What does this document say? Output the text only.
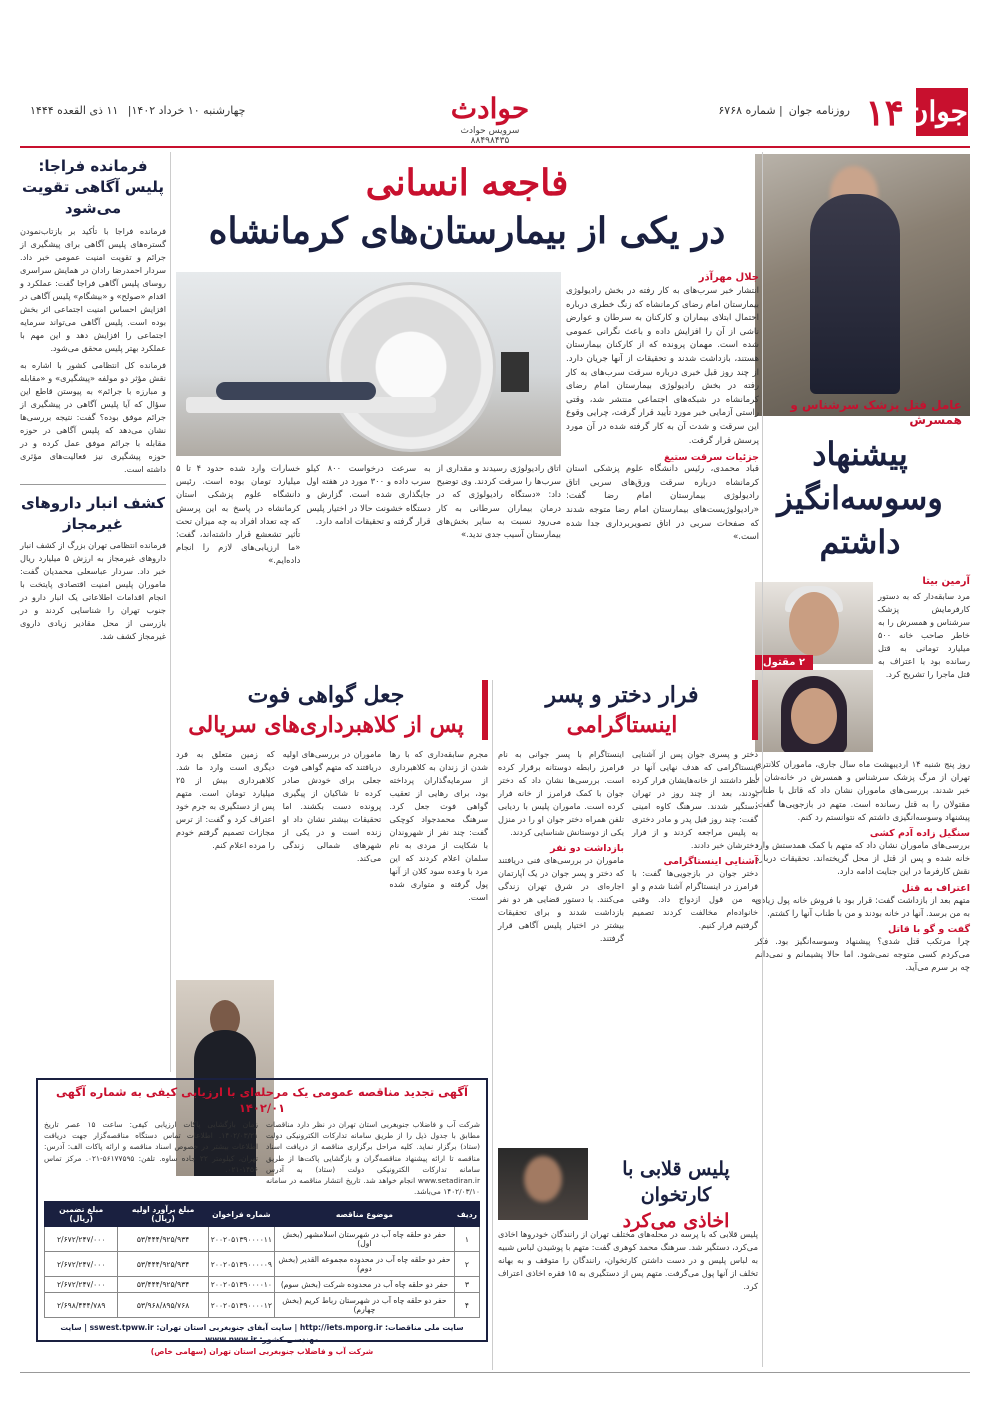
جوان
۱۴
روزنامه جوان| شماره ۶۷۶۸
حوادث
سرویس حوادث ۸۸۴۹۸۴۳۵
چهارشنبه ۱۰ خرداد ۱۴۰۲| ۱۱ ذی القعده ۱۴۴۴
عامل قتل پزشک سرشناس و همسرش
پیشنهاد وسوسه‌انگیز داشتم
۲ مقتول
آرمین بیتا
مرد سابقه‌دار که به دستور کارفرمایش پزشک سرشناس و همسرش را به خاطر صاحب خانه ۵۰۰ میلیارد تومانی به قتل رسانده بود با اعتراف به قتل ماجرا را تشریح کرد.
روز پنج شنبه ۱۴ اردیبهشت ماه سال جاری، ماموران کلانتری تهران از مرگ پزشک سرشناس و همسرش در خانه‌شان با خبر شدند. بررسی‌های ماموران نشان داد که قاتل با طناب مقتولان را به قتل رسانده است. متهم در بازجویی‌ها گفت: پیشنهاد وسوسه‌انگیزی داشتم که نتوانستم رد کنم.
سنگیل زاده آدم کشی
بررسی‌های ماموران نشان داد که متهم با کمک همدستش وارد خانه شده و پس از قتل از محل گریخته‌اند. تحقیقات درباره نقش کارفرما در این جنایت ادامه دارد.
اعتراف به قتل
متهم بعد از بازداشت گفت: قرار بود با فروش خانه پول زیادی به من برسد. آنها در خانه بودند و من با طناب آنها را کشتم.
گفت و گو با قاتل
چرا مرتکب قتل شدی؟ پیشنهاد وسوسه‌انگیز بود. فکر می‌کردم کسی متوجه نمی‌شود. اما حالا پشیمانم و نمی‌دانم چه بر سرم می‌آید.
فاجعه انسانی
در یکی از بیمارستان‌های کرمانشاه
جلال مهرآذر
انتشار خبر سرب‌های به کار رفته در بخش رادیولوژی بیمارستان امام رضای کرمانشاه که زنگ خطری درباره احتمال ابتلای بیماران و کارکنان به سرطان و عوارض ناشی از آن را افزایش داده و باعث نگرانی عمومی شده است. مهمان پرونده که از کارکنان بیمارستان هستند، بازداشت شدند و تحقیقات از آنها جریان دارد. از چند روز قبل خبری درباره سرقت سرب‌های به کار رفته در بخش رادیولوژی بیمارستان امام رضای کرمانشاه در شبکه‌های اجتماعی منتشر شد، وقتی راستی آزمایی خبر مورد تأیید قرار گرفت، چرایی وقوع این سرقت و شدت آن به کار گرفته شده در آن مورد پرسش قرار گرفت.
جزئیات سرقت ستیغ
قباد محمدی، رئیس دانشگاه علوم پزشکی استان کرمانشاه درباره سرقت ورق‌های سربی اتاق رادیولوژی بیمارستان امام رضا گفت: «رادیولوژیست‌های بیمارستان امام رضا متوجه شدند که صفحات سربی در اتاق تصویربرداری جدا شده است.»
اتاق رادیولوژی رسیدند و مقداری از سرب‌ها را سرقت کردند. وی توضیح داد: «دستگاه رادیولوژی که در درمان بیماران سرطانی به کار می‌رود نسبت به سایر بخش‌های بیمارستان آسیب جدی ندید.»
به سرعت درخواست ۸۰۰ کیلو سرب داده و ۳۰۰ مورد در هفته اول جایگذاری شده است. گزارش و دستگاه خشونت حالا در اختیار پلیس قرار گرفته و تحقیقات ادامه دارد.
خسارات وارد شده حدود ۴ تا ۵ میلیارد تومان بوده است. رئیس دانشگاه علوم پزشکی استان کرمانشاه در پاسخ به این پرسش که چه تعداد افراد به چه میزان تحت تأثیر تشعشع قرار داشته‌اند، گفت: «ما ارزیابی‌های لازم را انجام داده‌ایم.»
فرمانده فراجا: پلیس آگاهی تقویت می‌شود
فرمانده فراجا با تأکید بر بازتاب‌نمودن گستره‌های پلیس آگاهی برای پیشگیری از جرائم و تقویت امنیت عمومی خبر داد. سردار احمدرضا رادان در همایش سراسری روسای پلیس آگاهی فراجا گفت: عملکرد و اقدام «صولح» و «بیشگام» پلیس آگاهی در افزایش احساس امنیت اجتماعی اثر بخش بوده است. پلیس آگاهی می‌تواند سرمایه اجتماعی را افزایش دهد و این مهم با عملکرد بهتر پلیس محقق می‌شود.
فرمانده کل انتظامی کشور با اشاره به نقش مؤثر دو مولفه «پیشگیری» و «مقابله و مبارزه با جرائم» به پیوستن قاطع این سؤال که آیا پلیس آگاهی در پیشگیری از جرائم موفق بوده؟ گفت: نتیجه بررسی‌ها نشان می‌دهد که پلیس آگاهی در حوزه مقابله با جرائم موفق عمل کرده و در حوزه پیشگیری نیز فعالیت‌های مؤثری داشته است.
کشف انبار داروهای غیرمجاز
فرمانده انتظامی تهران بزرگ از کشف انبار داروهای غیرمجاز به ارزش ۵ میلیارد ریال خبر داد. سردار عباسعلی محمدیان گفت: ماموران پلیس امنیت اقتصادی پایتخت با انجام اقدامات اطلاعاتی یک انبار دارو در جنوب تهران را شناسایی کردند و در بازرسی از محل مقادیر زیادی داروی غیرمجاز کشف شد.
فرار دختر و پسر
اینستاگرامی
دختر و پسری جوان پس از آشنایی اینستاگرامی که هدف نهایی آنها در نظر داشتند از خانه‌هایشان فرار کرده بودند، بعد از چند روز در تهران دستگیر شدند. سرهنگ کاوه امینی گفت: چند روز قبل پدر و مادر دختری به پلیس مراجعه کردند و از فرار دخترشان خبر دادند.
آشنایی اینستاگرامی
دختر جوان در بازجویی‌ها گفت: با فرامرز در اینستاگرام آشنا شدم و او به من قول ازدواج داد. وقتی خانواده‌ام مخالفت کردند تصمیم گرفتیم فرار کنیم.
اینستاگرام با پسر جوانی به نام فرامرز رابطه دوستانه برقرار کرده است. بررسی‌ها نشان داد که دختر جوان با کمک فرامرز از خانه فرار کرده است. ماموران پلیس با ردیابی تلفن همراه دختر جوان او را در منزل یکی از دوستانش شناسایی کردند.
بازداشت دو نفر
ماموران در بررسی‌های فنی دریافتند که دختر و پسر جوان در یک آپارتمان اجاره‌ای در شرق تهران زندگی می‌کنند. با دستور قضایی هر دو نفر بازداشت شدند و برای تحقیقات بیشتر در اختیار پلیس آگاهی قرار گرفتند.
جعل گواهی فوت
پس از کلاهبرداری‌های سریالی
مجرم سابقه‌داری که با رها شدن از زندان به کلاهبرداری از سرمایه‌گذاران پرداخته بود، برای رهایی از تعقیب گواهی فوت جعل کرد. سرهنگ محمدجواد کوچکی گفت: چند نفر از شهروندان با شکایت از مردی به نام سلمان اعلام کردند که این مرد با وعده سود کلان از آنها پول گرفته و متواری شده است.
ماموران در بررسی‌های اولیه دریافتند که متهم گواهی فوت جعلی برای خودش صادر کرده تا شاکیان از پیگیری پرونده دست بکشند. اما تحقیقات بیشتر نشان داد او زنده است و در یکی از شهرهای شمالی زندگی می‌کند.
که زمین متعلق به فرد دیگری است وارد ما شد. کلاهبرداری بیش از ۲۵ میلیارد تومان است. متهم پس از دستگیری به جرم خود اعتراف کرد و گفت: از ترس مجازات تصمیم گرفتم خودم را مرده اعلام کنم.
پلیس قلابی با کارتخوان
اخاذی می‌کرد
پلیس قلابی که با پرسه در محله‌های مختلف تهران از رانندگان خودروها اخاذی می‌کرد، دستگیر شد. سرهنگ محمد کوهری گفت: متهم با پوشیدن لباس شبیه به لباس پلیس و در دست داشتن کارتخوان، رانندگان را متوقف و به بهانه تخلف از آنها پول می‌گرفت. متهم پس از دستگیری به ۱۵ فقره اخاذی اعتراف کرد.
آگهی تجدید مناقصه عمومی یک مرحله‌ای با ارزیابی کیفی به شماره آگهی ۱۴۰۲/۰۱
شرکت آب و فاضلاب جنوبغربی استان تهران در نظر دارد مناقصات مطابق با جدول ذیل را از طریق سامانه تدارکات الکترونیکی دولت (ستاد) برگزار نماید. کلیه مراحل برگزاری مناقصه از دریافت اسناد مناقصه تا ارائه پیشنهاد مناقصه‌گران و بازگشایی پاکت‌ها از طریق سامانه تدارکات الکترونیکی دولت (ستاد) به آدرس www.setadiran.ir انجام خواهد شد. تاریخ انتشار مناقصه در سامانه ۱۴۰۲/۰۳/۱۰ می‌باشد.
زمان بازگشایی پاکات ارزیابی کیفی: ساعت ۱۵ عصر تاریخ ۱۴۰۲/۰۳/۲۱. اطلاعات تماس دستگاه مناقصه‌گزار جهت دریافت اطلاعات بیشتر در خصوص اسناد مناقصه و ارائه پاکات الف: آدرس: تهران، کیلومتر ۲۲ جاده ساوه. تلفن: ۵۶۱۷۷۵۹۵-۰۲۱. مرکز تماس ۱۴۵۶-۰۲۱.
ردیف	موضوع مناقصه	شماره فراخوان	مبلغ برآورد اولیه (ریال)	مبلغ تضمین (ریال)
۱	حفر دو حلقه چاه آب در شهرستان اسلامشهر (بخش اول)	۲۰۰۲۰۵۱۳۹۰۰۰۰۱۱	۵۳/۴۴۴/۹۲۵/۹۳۴	۲/۶۷۲/۲۴۷/۰۰۰
۲	حفر دو حلقه چاه آب در محدوده مجموعه القدیر (بخش دوم)	۲۰۰۲۰۵۱۳۹۰۰۰۰۰۹	۵۳/۴۴۴/۹۲۵/۹۳۴	۲/۶۷۲/۲۴۷/۰۰۰
۳	حفر دو حلقه چاه آب در محدوده شرکت (بخش سوم)	۲۰۰۲۰۵۱۳۹۰۰۰۰۱۰	۵۳/۴۴۴/۹۲۵/۹۳۴	۲/۶۷۲/۲۴۷/۰۰۰
۴	حفر دو حلقه چاه آب در شهرستان رباط کریم (بخش چهارم)	۲۰۰۲۰۵۱۳۹۰۰۰۰۱۲	۵۳/۹۶۸/۸۹۵/۷۶۸	۲/۶۹۸/۴۴۴/۷۸۹
سایت ملی مناقصات: http://iets.mporg.ir | سایت آبفای جنوبغربی استان تهران: sswest.tpww.ir | سایت مهندسی کشور: www.nww.ir
شرکت آب و فاضلاب جنوبغربی استان تهران (سهامی خاص)
